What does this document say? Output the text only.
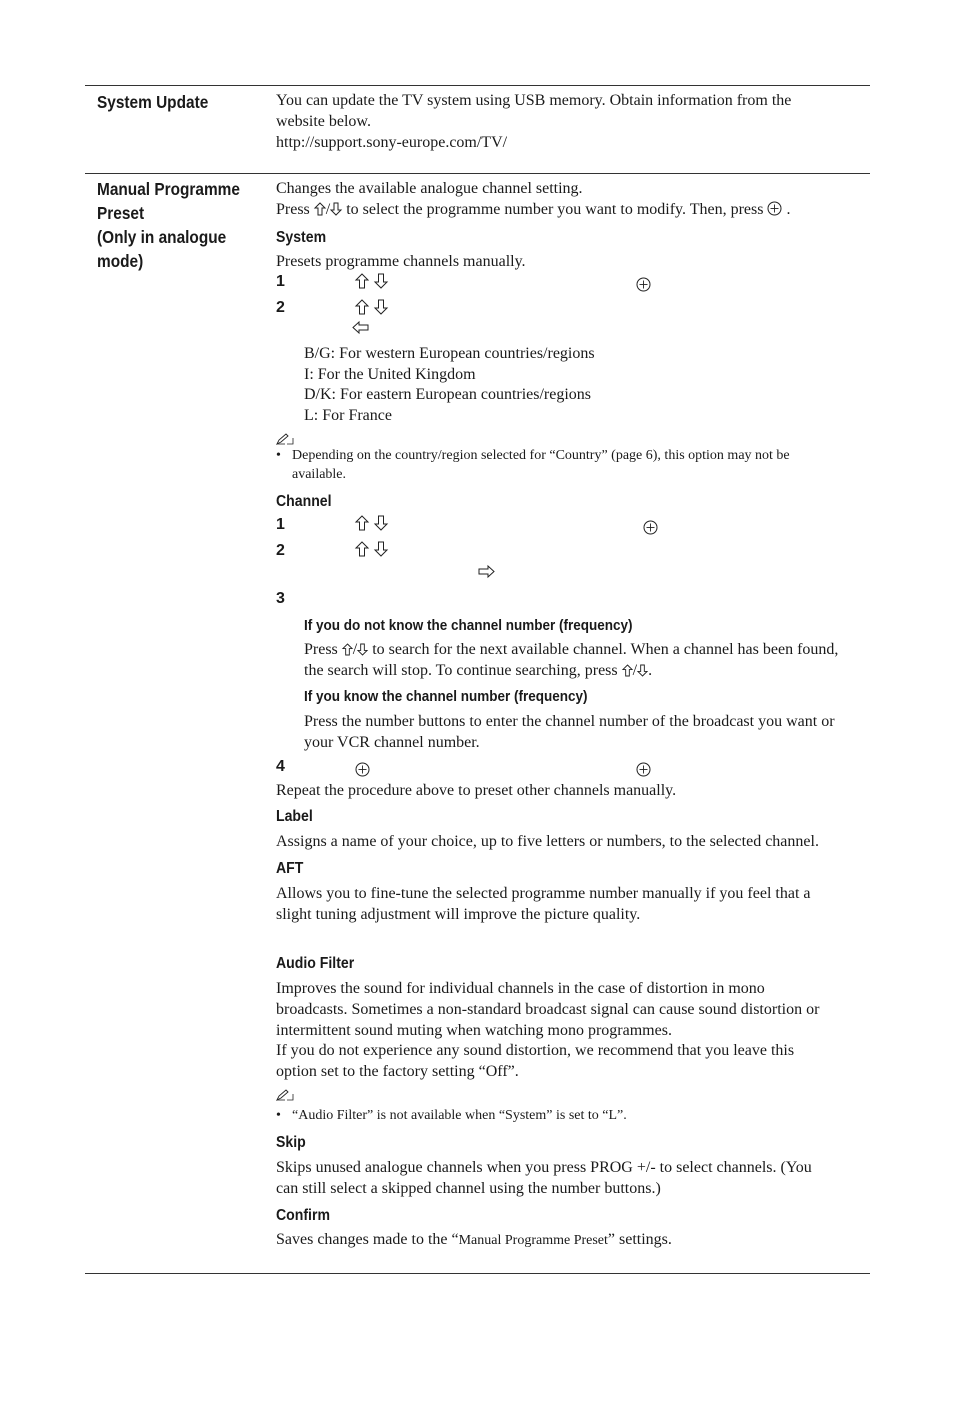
System Update	You can update the TV system using USB memory. Obtain information from the
website below.
http://support.sony-europe.com/TV/
Manual Programme
Preset
(Only in analogue
mode)
Changes the available analogue channel setting.
Press / to select the programme number you want to modify. Then, press .
System
Presets programme channels manually.
1
2
B/G: For western European countries/regions
I: For the United Kingdom
D/K: For eastern European countries/regions
L: For France
• Depending on the country/region selected for “Country” (page 6), this option may not be
available.
Channel
1
2
3
If you do not know the channel number (frequency)
Press / to search for the next available channel. When a channel has been found,
the search will stop. To continue searching, press / .
If you know the channel number (frequency)
Press the number buttons to enter the channel number of the broadcast you want or
your VCR channel number.
4
Repeat the procedure above to preset other channels manually.
Label
Assigns a name of your choice, up to five letters or numbers, to the selected channel.
AFT
Allows you to fine-tune the selected programme number manually if you feel that a
slight tuning adjustment will improve the picture quality.
Audio Filter
Improves the sound for individual channels in the case of distortion in mono
broadcasts. Sometimes a non-standard broadcast signal can cause sound distortion or
intermittent sound muting when watching mono programmes.
If you do not experience any sound distortion, we recommend that you leave this
option set to the factory setting “Off”.
• “Audio Filter” is not available when “System” is set to “L”.
Skip
Skips unused analogue channels when you press PROG +/- to select channels. (You
can still select a skipped channel using the number buttons.)
Confirm
Saves changes made to the “Manual Programme Preset” settings.
